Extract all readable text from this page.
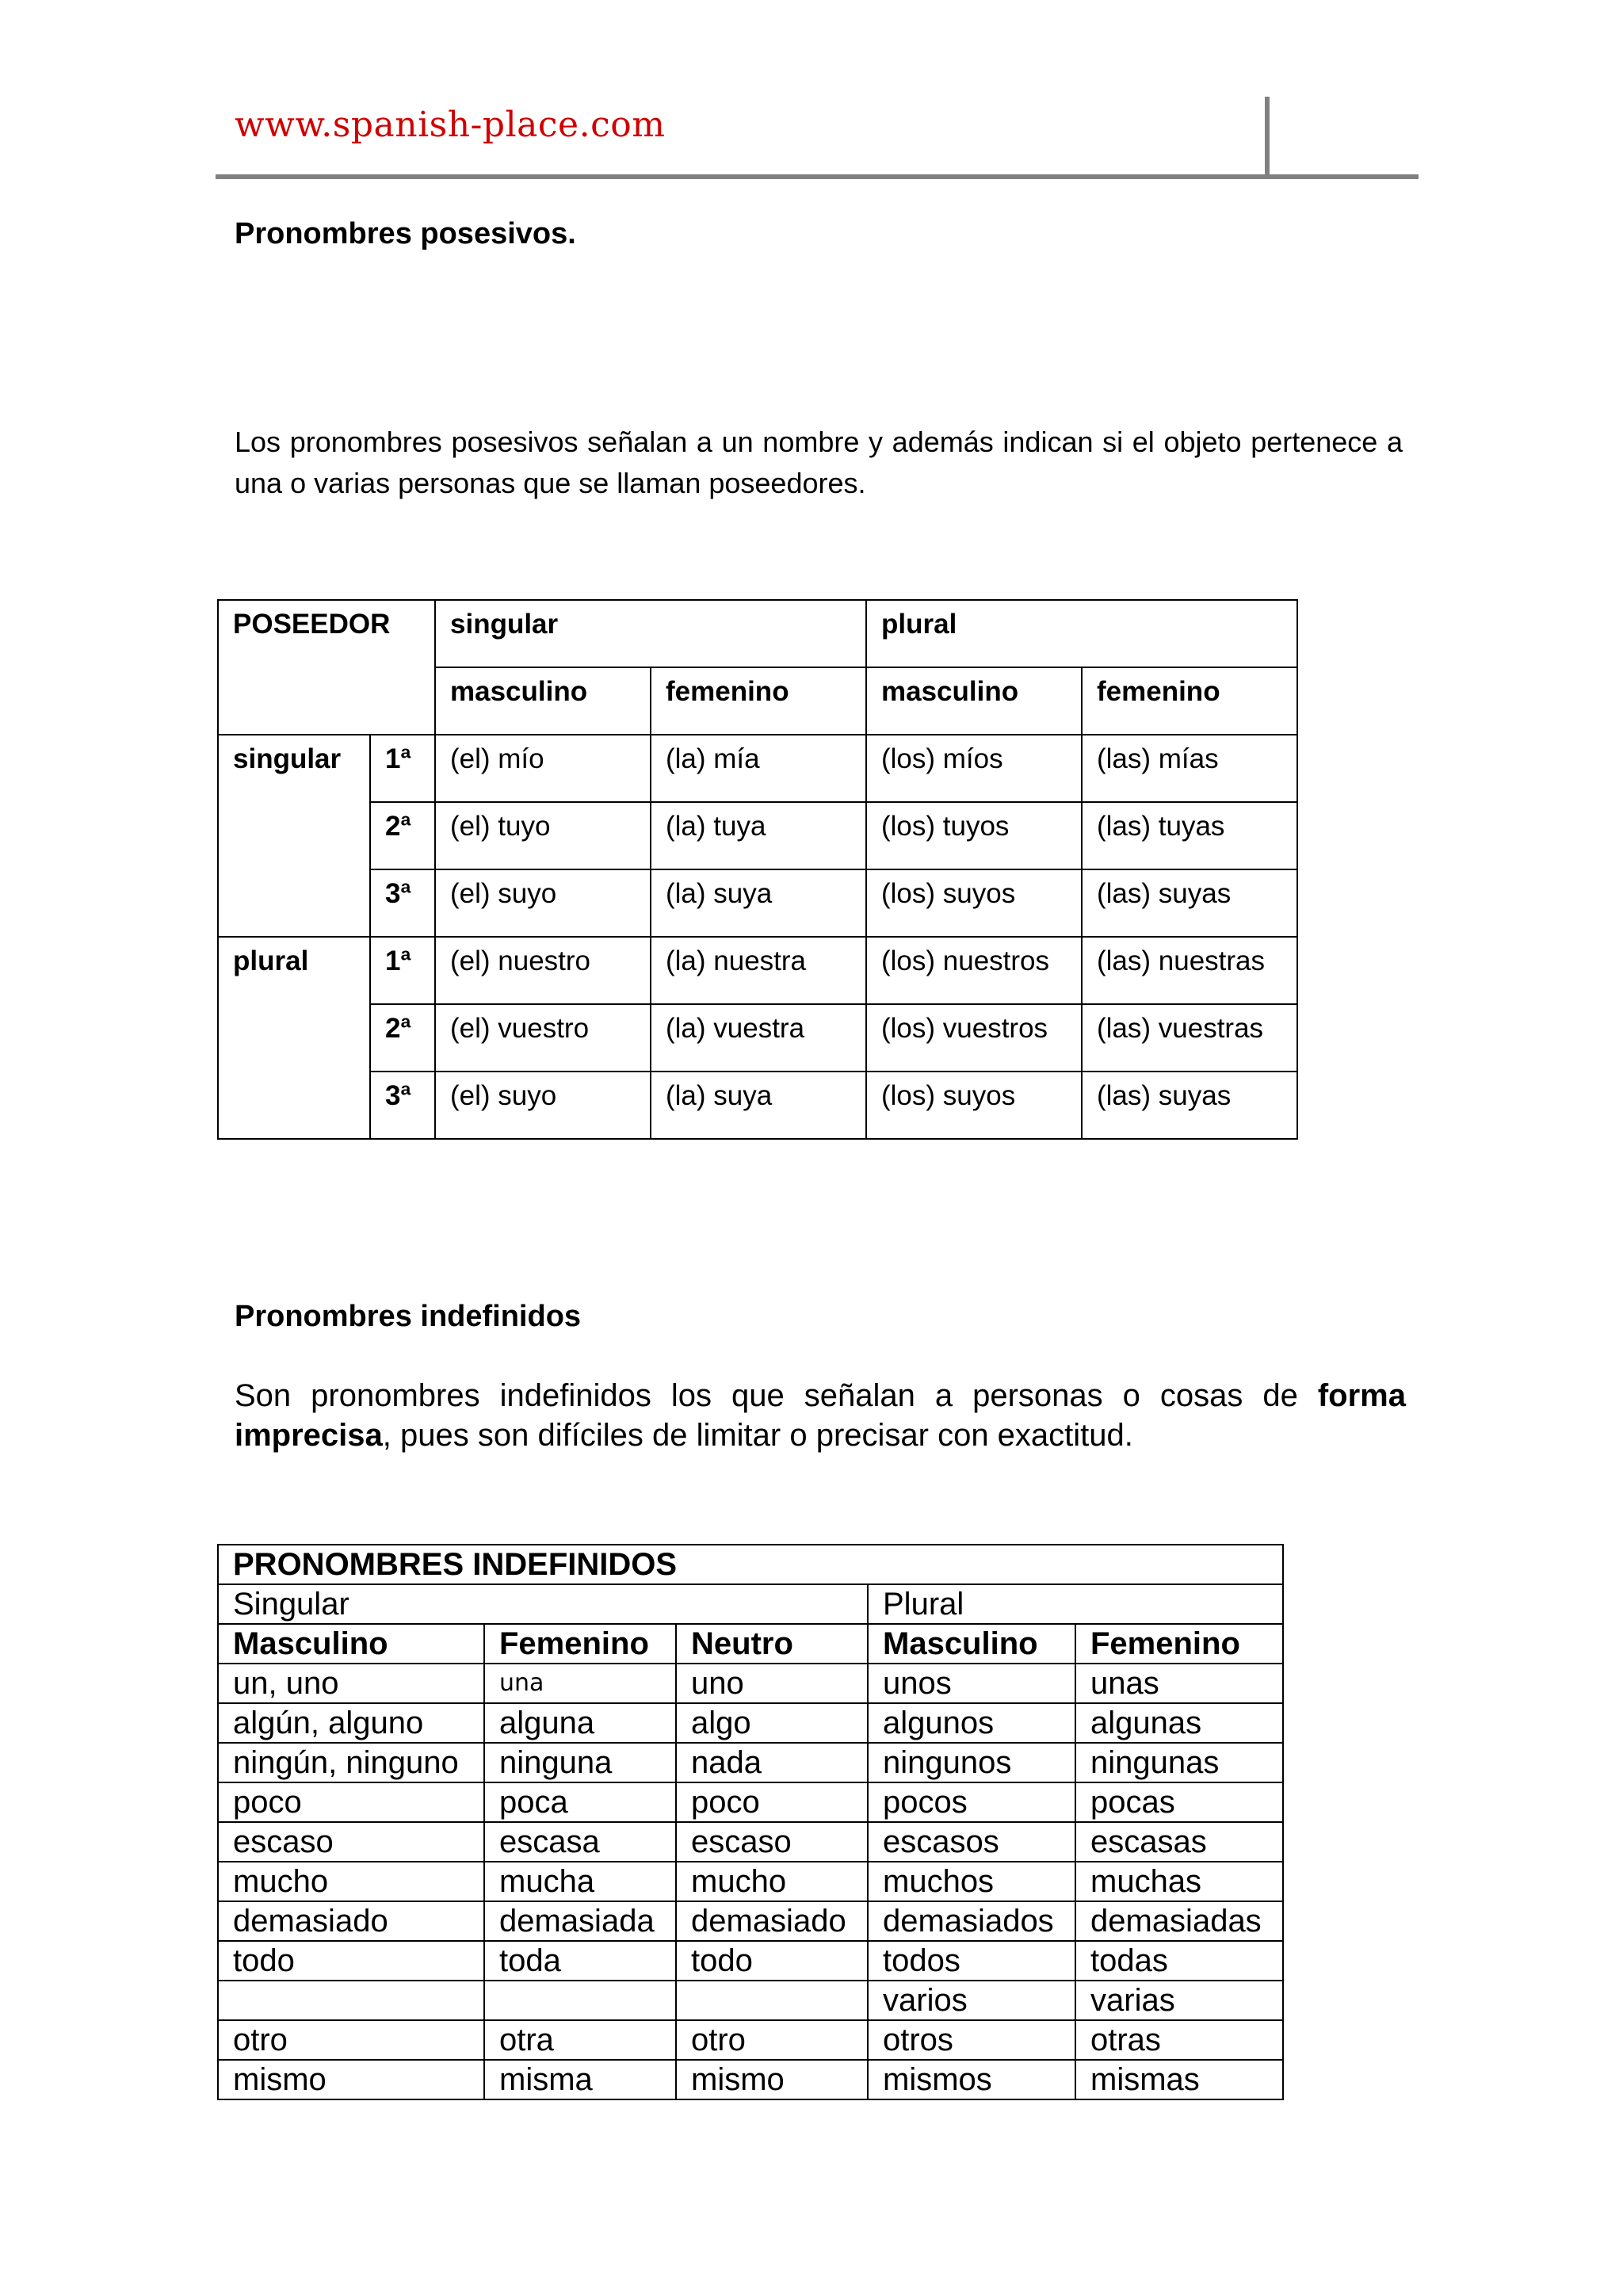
www.spanish-place.com
Pronombres posesivos.
Los pronombres posesivos señalan a un nombre y además indican si el objeto pertenece a una o varias personas que se llaman poseedores.
POSEEDOR		singular		plural	
		masculino	femenino	masculino	femenino
singular	1ª	(el) mío	(la) mía	(los) míos	(las) mías
	2ª	(el) tuyo	(la) tuya	(los) tuyos	(las) tuyas
	3ª	(el) suyo	(la) suya	(los) suyos	(las) suyas
plural	1ª	(el) nuestro	(la) nuestra	(los) nuestros	(las) nuestras
	2ª	(el) vuestro	(la) vuestra	(los) vuestros	(las) vuestras
	3ª	(el) suyo	(la) suya	(los) suyos	(las) suyas
Pronombres indefinidos
Son pronombres indefinidos los que señalan a personas o cosas de forma imprecisa, pues son difíciles de limitar o precisar con exactitud.
PRONOMBRES INDEFINIDOS				
Singular			Plural	
Masculino	Femenino	Neutro	Masculino	Femenino
un, uno	una	uno	unos	unas
algún, alguno	alguna	algo	algunos	algunas
ningún, ninguno	ninguna	nada	ningunos	ningunas
poco	poca	poco	pocos	pocas
escaso	escasa	escaso	escasos	escasas
mucho	mucha	mucho	muchos	muchas
demasiado	demasiada	demasiado	demasiados	demasiadas
todo	toda	todo	todos	todas
			varios	varias
otro	otra	otro	otros	otras
mismo	misma	mismo	mismos	mismas
